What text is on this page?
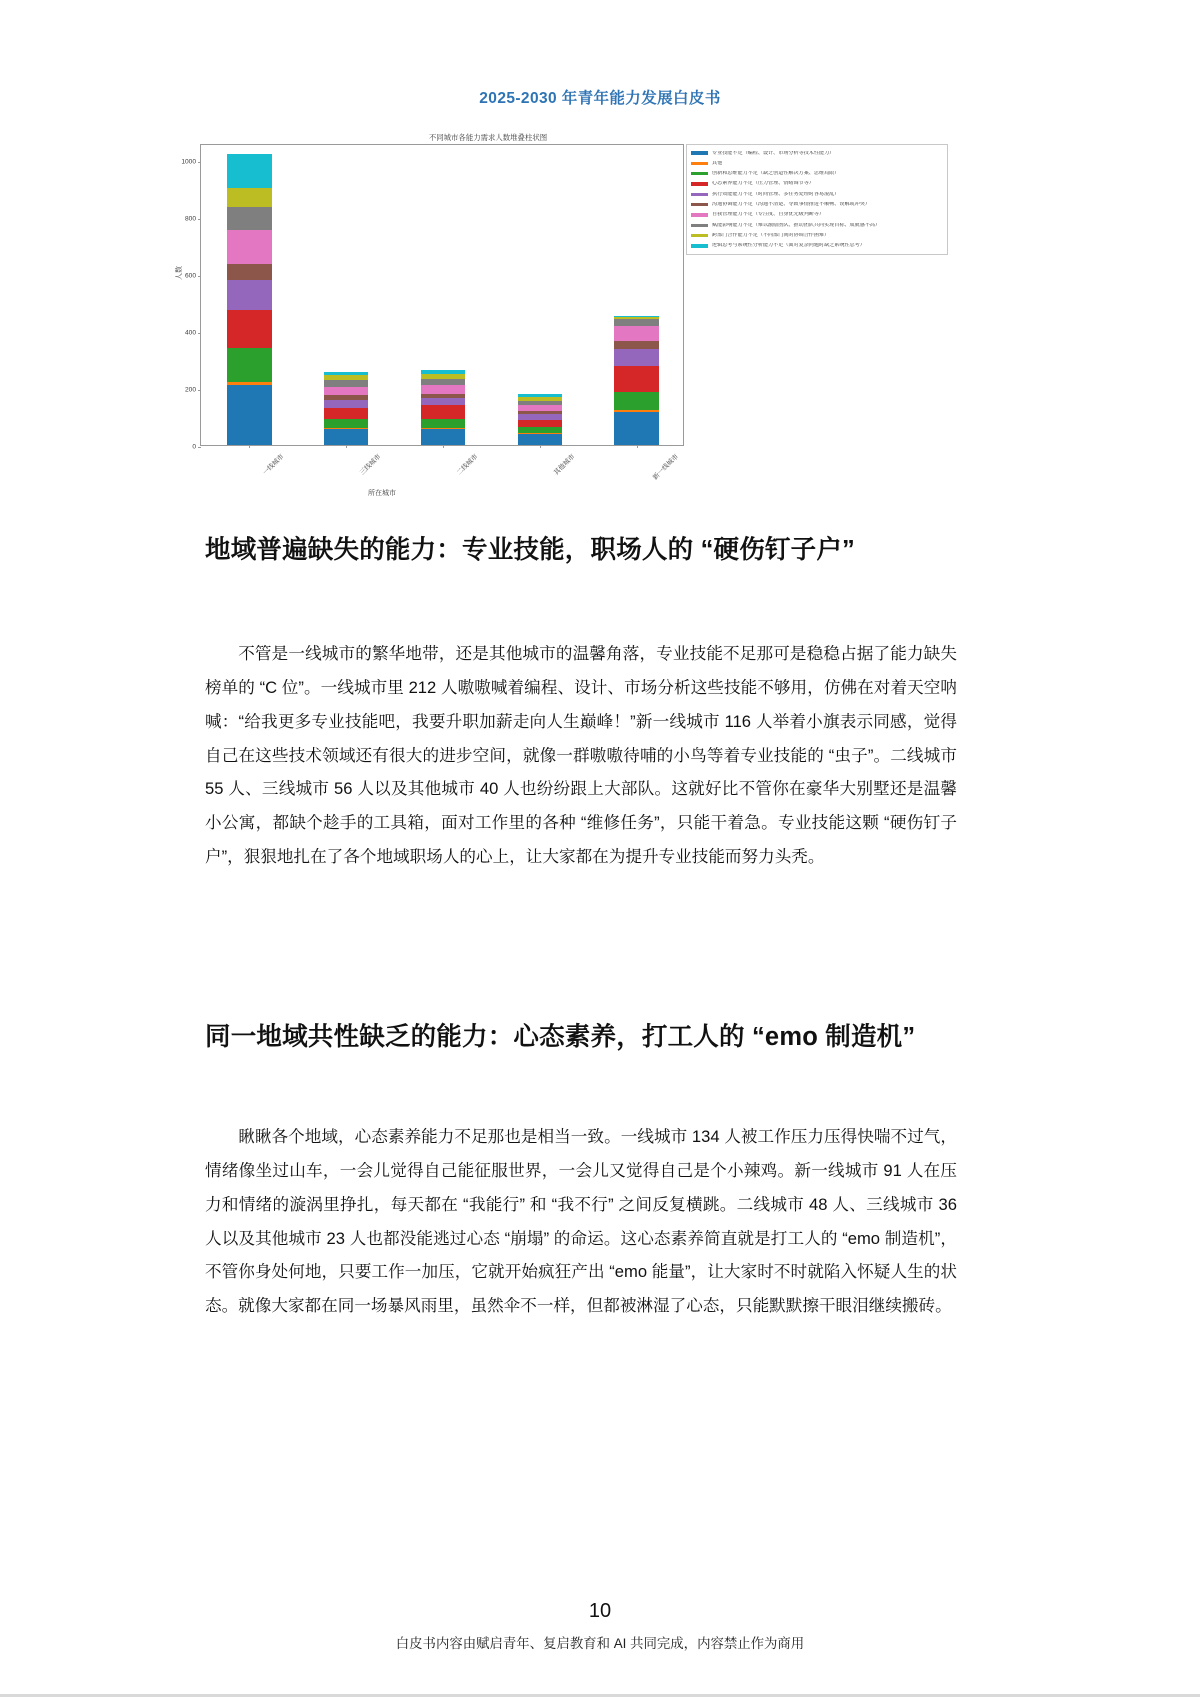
2025-2030 年青年能力发展白皮书
不同城市各能力需求人数堆叠柱状图
人数
所在城市
0
200
400
600
800
1000
专业技能不足（编程、设计、市场分析等技术性能力）
其他
创新和思维能力不足（缺乏创造性解决方案、思维局限）
心态素养能力不足（压力管理、情绪调节等）
执行效能能力不足（时间管理、多任务处理时容易混乱）
沟通协调能力不足（沟通不清楚、导致事情推进不顺畅、误解或冲突）
自我管理能力不足（专注度、自身优先级判断等）
赋能影响能力不足（难以激励团队、推动团队共同实现目标、成就感不高）
跨部门合作能力不足（不同部门间的协调合作困难）
逻辑思考与系统性分析能力不足（面对复杂问题时缺乏系统性思考）
一线城市	三线城市	二线城市	其他城市	新一线城市
地域普遍缺失的能力：专业技能，职场人的 “硬伤钉子户”

不管是一线城市的繁华地带，还是其他城市的温馨角落，专业技能不足那可是稳稳占据了能力缺失榜单的 “C 位”。一线城市里 212 人嗷嗷喊着编程、设计、市场分析这些技能不够用，仿佛在对着天空呐喊：“给我更多专业技能吧，我要升职加薪走向人生巅峰！”新一线城市 116 人举着小旗表示同感，觉得自己在这些技术领域还有很大的进步空间，就像一群嗷嗷待哺的小鸟等着专业技能的 “虫子”。二线城市 55 人、三线城市 56 人以及其他城市 40 人也纷纷跟上大部队。这就好比不管你在豪华大别墅还是温馨小公寓，都缺个趁手的工具箱，面对工作里的各种 “维修任务”，只能干着急。专业技能这颗 “硬伤钉子户”，狠狠地扎在了各个地域职场人的心上，让大家都在为提升专业技能而努力头秃。

同一地域共性缺乏的能力：心态素养，打工人的 “emo 制造机”

瞅瞅各个地域，心态素养能力不足那也是相当一致。一线城市 134 人被工作压力压得快喘不过气，情绪像坐过山车，一会儿觉得自己能征服世界，一会儿又觉得自己是个小辣鸡。新一线城市 91 人在压力和情绪的漩涡里挣扎，每天都在 “我能行” 和 “我不行” 之间反复横跳。二线城市 48 人、三线城市 36 人以及其他城市 23 人也都没能逃过心态 “崩塌” 的命运。这心态素养简直就是打工人的 “emo 制造机”，不管你身处何地，只要工作一加压，它就开始疯狂产出 “emo 能量”，让大家时不时就陷入怀疑人生的状态。就像大家都在同一场暴风雨里，虽然伞不一样，但都被淋湿了心态，只能默默擦干眼泪继续搬砖。

10
白皮书内容由赋启青年、复启教育和 AI 共同完成，内容禁止作为商用
